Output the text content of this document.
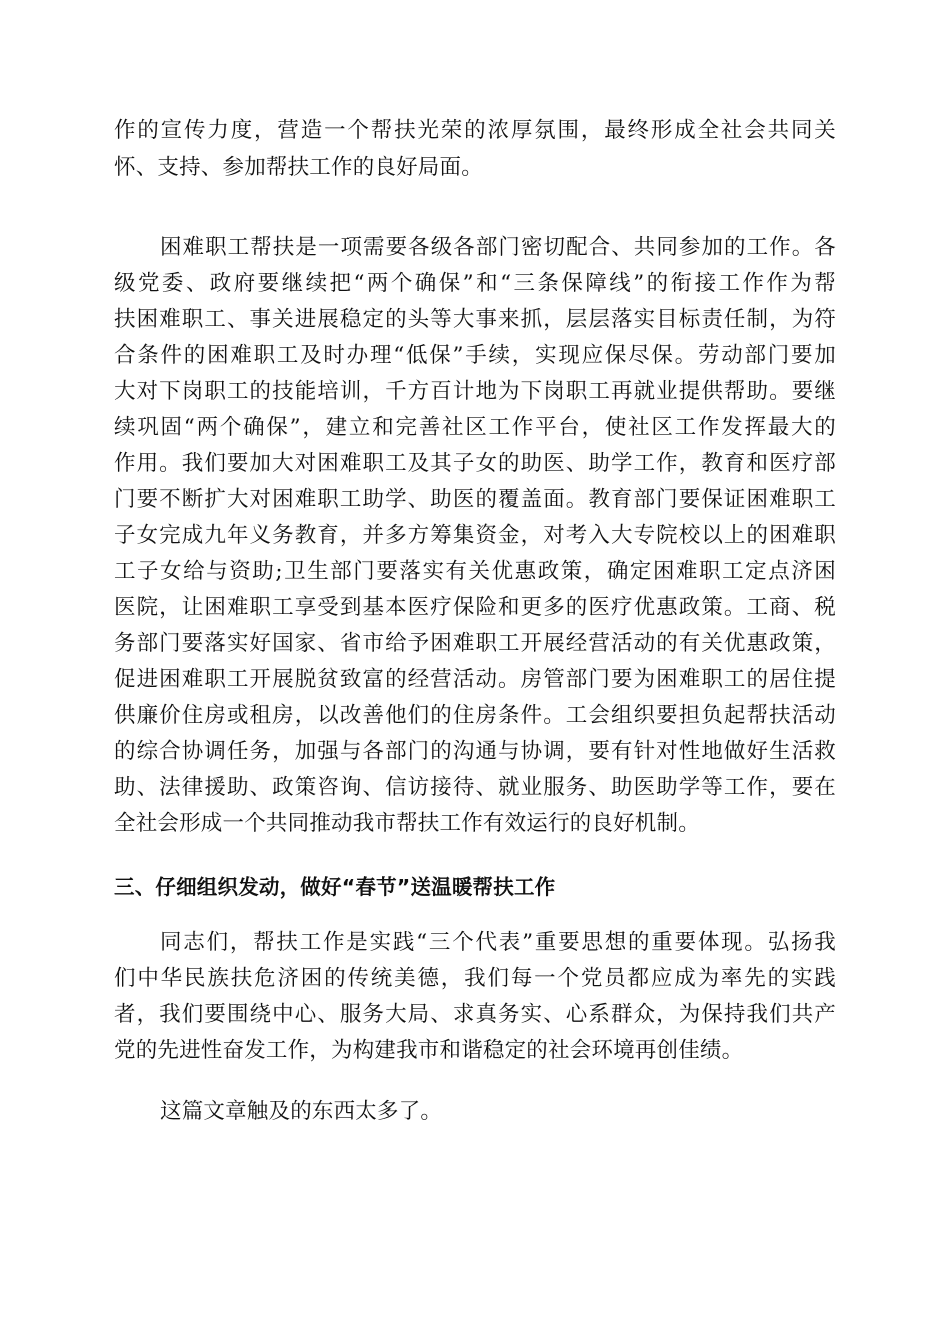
作的宣传力度，营造一个帮扶光荣的浓厚氛围，最终形成全社会共同关
怀、支持、参加帮扶工作的良好局面。
困难职工帮扶是一项需要各级各部门密切配合、共同参加的工作。各
级党委、政府要继续把“两个确保”和“三条保障线”的衔接工作作为帮
扶困难职工、事关进展稳定的头等大事来抓，层层落实目标责任制，为符
合条件的困难职工及时办理“低保”手续，实现应保尽保。劳动部门要加
大对下岗职工的技能培训，千方百计地为下岗职工再就业提供帮助。要继
续巩固“两个确保”，建立和完善社区工作平台，使社区工作发挥最大的
作用。我们要加大对困难职工及其子女的助医、助学工作，教育和医疗部
门要不断扩大对困难职工助学、助医的覆盖面。教育部门要保证困难职工
子女完成九年义务教育，并多方筹集资金，对考入大专院校以上的困难职
工子女给与资助;卫生部门要落实有关优惠政策，确定困难职工定点济困
医院，让困难职工享受到基本医疗保险和更多的医疗优惠政策。工商、税
务部门要落实好国家、省市给予困难职工开展经营活动的有关优惠政策，
促进困难职工开展脱贫致富的经营活动。房管部门要为困难职工的居住提
供廉价住房或租房，以改善他们的住房条件。工会组织要担负起帮扶活动
的综合协调任务，加强与各部门的沟通与协调，要有针对性地做好生活救
助、法律援助、政策咨询、信访接待、就业服务、助医助学等工作，要在
全社会形成一个共同推动我市帮扶工作有效运行的良好机制。
三、仔细组织发动，做好“春节”送温暖帮扶工作
同志们，帮扶工作是实践“三个代表”重要思想的重要体现。弘扬我
们中华民族扶危济困的传统美德，我们每一个党员都应成为率先的实践
者，我们要围绕中心、服务大局、求真务实、心系群众，为保持我们共产
党的先进性奋发工作，为构建我市和谐稳定的社会环境再创佳绩。
这篇文章触及的东西太多了。
